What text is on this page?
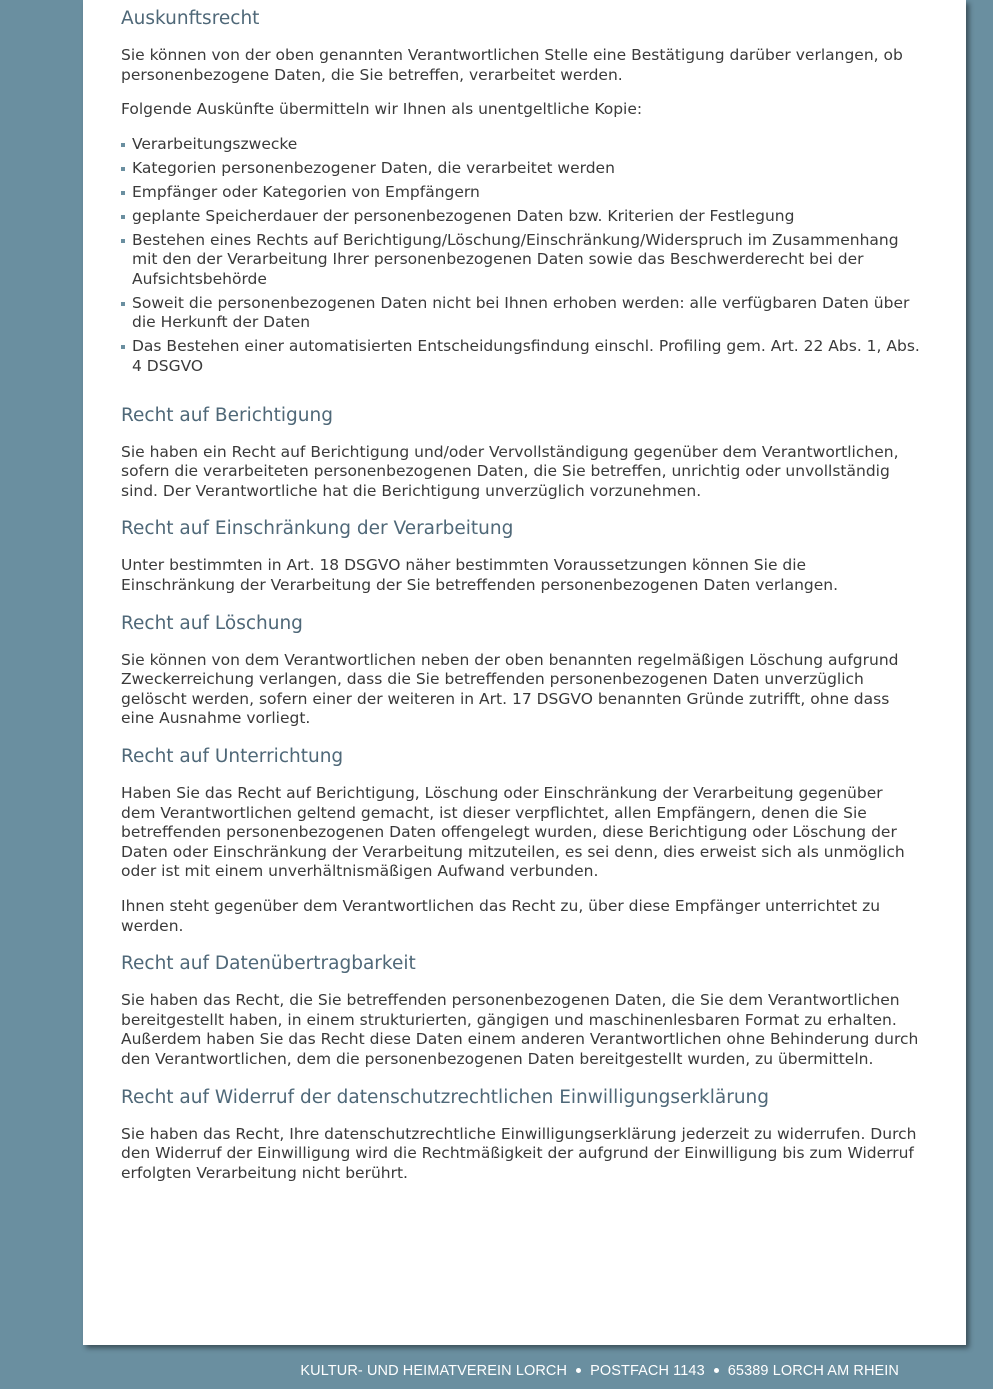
Auskunftsrecht

Sie können von der oben genannten Verantwortlichen Stelle eine Bestätigung darüber verlangen, ob personenbezogene Daten, die Sie betreffen, verarbeitet werden.

Folgende Auskünfte übermitteln wir Ihnen als unentgeltliche Kopie:

Verarbeitungszwecke
Kategorien personenbezogener Daten, die verarbeitet werden
Empfänger oder Kategorien von Empfängern
geplante Speicherdauer der personenbezogenen Daten bzw. Kriterien der Festlegung
Bestehen eines Rechts auf Berichtigung/Löschung/Einschränkung/Widerspruch im Zusammenhang mit den der Verarbeitung Ihrer personenbezogenen Daten sowie das Beschwerderecht bei der Aufsichtsbehörde
Soweit die personenbezogenen Daten nicht bei Ihnen erhoben werden: alle verfügbaren Daten über die Herkunft der Daten
Das Bestehen einer automatisierten Entscheidungsfindung einschl. Profiling gem. Art. 22 Abs. 1, Abs. 4 DSGVO
Recht auf Berichtigung

Sie haben ein Recht auf Berichtigung und/oder Vervollständigung gegenüber dem Verantwortlichen, sofern die verarbeiteten personenbezogenen Daten, die Sie betreffen, unrichtig oder unvollständig sind. Der Verantwortliche hat die Berichtigung unverzüglich vorzunehmen.

Recht auf Einschränkung der Verarbeitung

Unter bestimmten in Art. 18 DSGVO näher bestimmten Voraussetzungen können Sie die Einschränkung der Verarbeitung der Sie betreffenden personenbezogenen Daten verlangen.

Recht auf Löschung

Sie können von dem Verantwortlichen neben der oben benannten regelmäßigen Löschung aufgrund Zweckerreichung verlangen, dass die Sie betreffenden personenbezogenen Daten unverzüglich gelöscht werden, sofern einer der weiteren in Art. 17 DSGVO benannten Gründe zutrifft, ohne dass eine Ausnahme vorliegt.

Recht auf Unterrichtung

Haben Sie das Recht auf Berichtigung, Löschung oder Einschränkung der Verarbeitung gegenüber dem Verantwortlichen geltend gemacht, ist dieser verpflichtet, allen Empfängern, denen die Sie betreffenden personenbezogenen Daten offengelegt wurden, diese Berichtigung oder Löschung der Daten oder Einschränkung der Verarbeitung mitzuteilen, es sei denn, dies erweist sich als unmöglich oder ist mit einem unverhältnismäßigen Aufwand verbunden.

Ihnen steht gegenüber dem Verantwortlichen das Recht zu, über diese Empfänger unterrichtet zu werden.

Recht auf Datenübertragbarkeit

Sie haben das Recht, die Sie betreffenden personenbezogenen Daten, die Sie dem Verantwortlichen bereitgestellt haben, in einem strukturierten, gängigen und maschinenlesbaren Format zu erhalten. Außerdem haben Sie das Recht diese Daten einem anderen Verantwortlichen ohne Behinderung durch den Verantwortlichen, dem die personenbezogenen Daten bereitgestellt wurden, zu übermitteln.

Recht auf Widerruf der datenschutzrechtlichen Einwilligungserklärung

Sie haben das Recht, Ihre datenschutzrechtliche Einwilligungserklärung jederzeit zu widerrufen. Durch den Widerruf der Einwilligung wird die Rechtmäßigkeit der aufgrund der Einwilligung bis zum Widerruf erfolgten Verarbeitung nicht berührt.

KULTUR- UND HEIMATVEREIN LORCH POSTFACH 1143 65389 LORCH AM RHEIN
